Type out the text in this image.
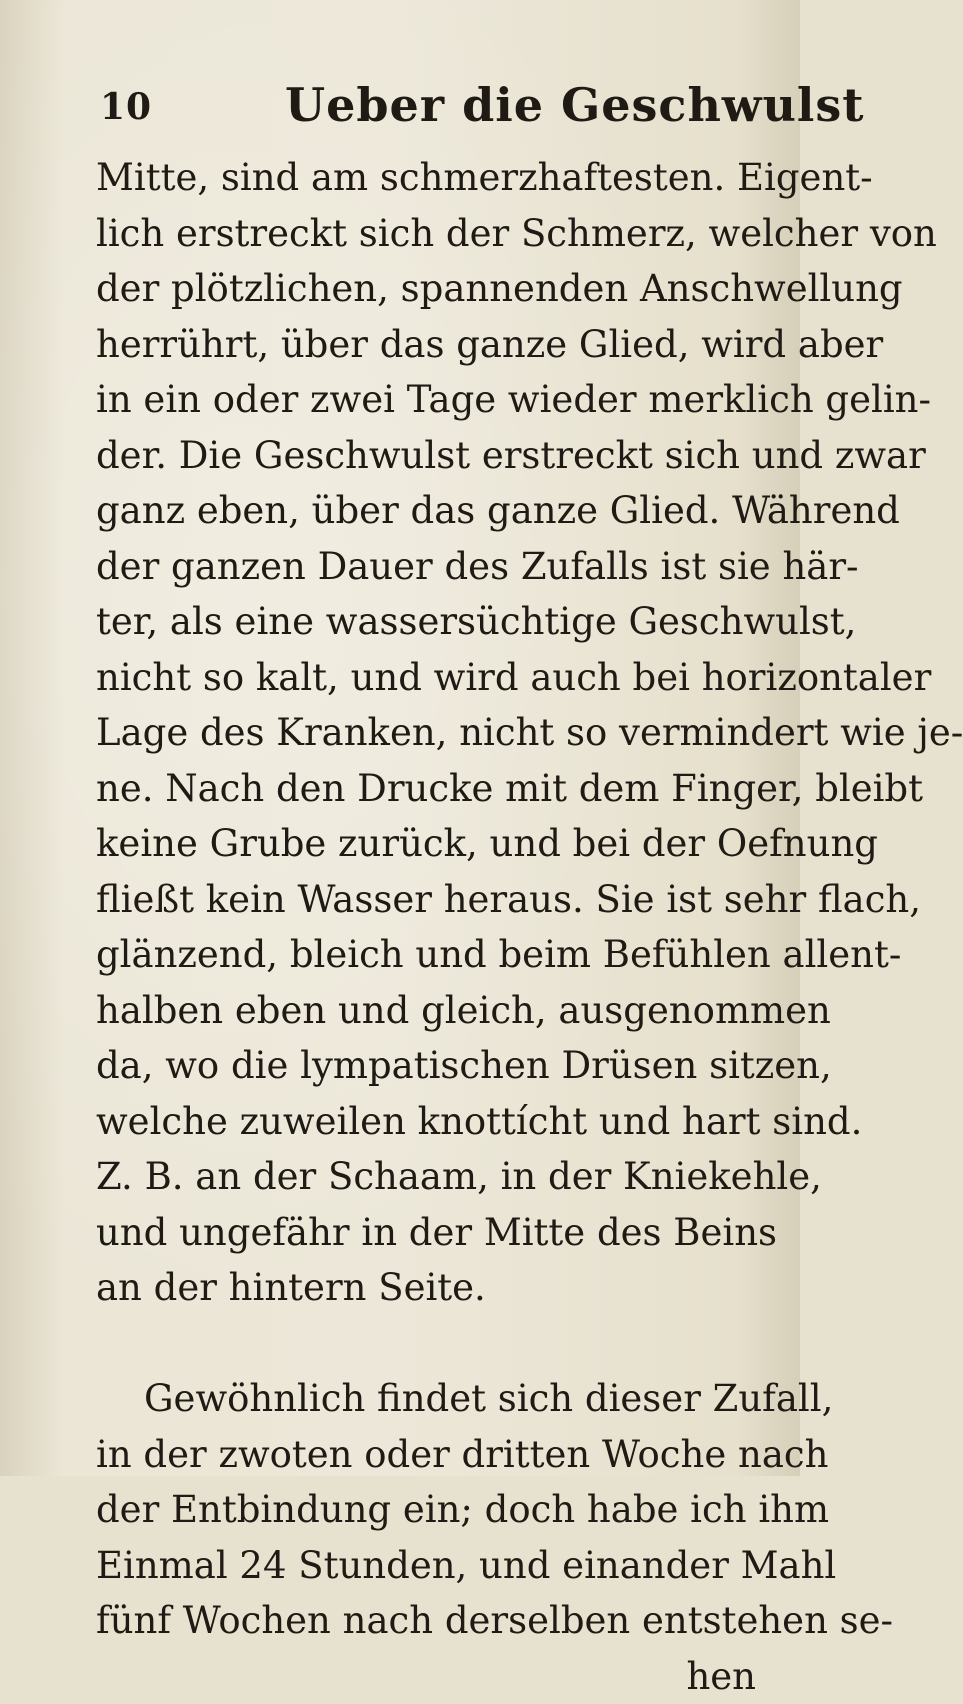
10	Ueber die Geschwulst
Mitte, sind am schmerzhaftesten. Eigent-
lich erstreckt sich der Schmerz, welcher von
der plötzlichen, spannenden Anschwellung
herrührt, über das ganze Glied, wird aber
in ein oder zwei Tage wieder merklich gelin-
der. Die Geschwulst erstreckt sich und zwar
ganz eben, über das ganze Glied. Während
der ganzen Dauer des Zufalls ist sie här-
ter, als eine wassersüchtige Geschwulst,
nicht so kalt, und wird auch bei horizontaler
Lage des Kranken, nicht so vermindert wie je-
ne. Nach den Drucke mit dem Finger, bleibt
keine Grube zurück, und bei der Oefnung
fließt kein Wasser heraus. Sie ist sehr flach,
glänzend, bleich und beim Befühlen allent-
halben eben und gleich, ausgenommen
da, wo die lympatischen Drüsen sitzen,
welche zuweilen knottícht und hart sind.
Z. B. an der Schaam, in der Kniekehle,
und ungefähr in der Mitte des Beins
an der hintern Seite.
Gewöhnlich findet sich dieser Zufall,
in der zwoten oder dritten Woche nach
der Entbindung ein; doch habe ich ihm
Einmal 24 Stunden, und einander Mahl
fünf Wochen nach derselben entstehen se-
hen
